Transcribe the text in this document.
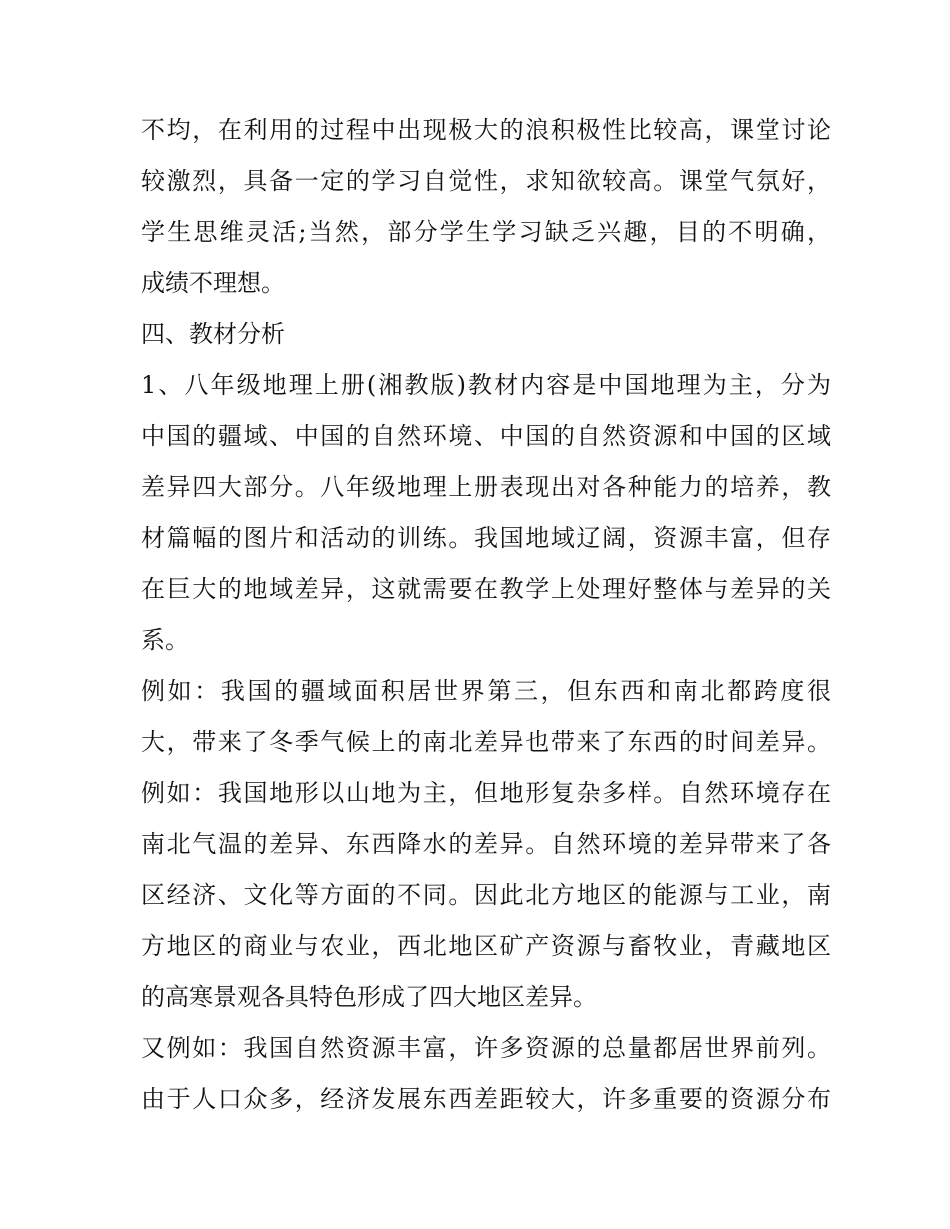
不均，在利用的过程中出现极大的浪积极性比较高，课堂讨论
较激烈，具备一定的学习自觉性，求知欲较高。课堂气氛好，
学生思维灵活;当然，部分学生学习缺乏兴趣，目的不明确，
成绩不理想。
四、教材分析
1、八年级地理上册(湘教版)教材内容是中国地理为主，分为
中国的疆域、中国的自然环境、中国的自然资源和中国的区域
差异四大部分。八年级地理上册表现出对各种能力的培养，教
材篇幅的图片和活动的训练。我国地域辽阔，资源丰富，但存
在巨大的地域差异，这就需要在教学上处理好整体与差异的关
系。
例如：我国的疆域面积居世界第三，但东西和南北都跨度很
大，带来了冬季气候上的南北差异也带来了东西的时间差异。
例如：我国地形以山地为主，但地形复杂多样。自然环境存在
南北气温的差异、东西降水的差异。自然环境的差异带来了各
区经济、文化等方面的不同。因此北方地区的能源与工业，南
方地区的商业与农业，西北地区矿产资源与畜牧业，青藏地区
的高寒景观各具特色形成了四大地区差异。
又例如：我国自然资源丰富，许多资源的总量都居世界前列。
由于人口众多，经济发展东西差距较大，许多重要的资源分布
